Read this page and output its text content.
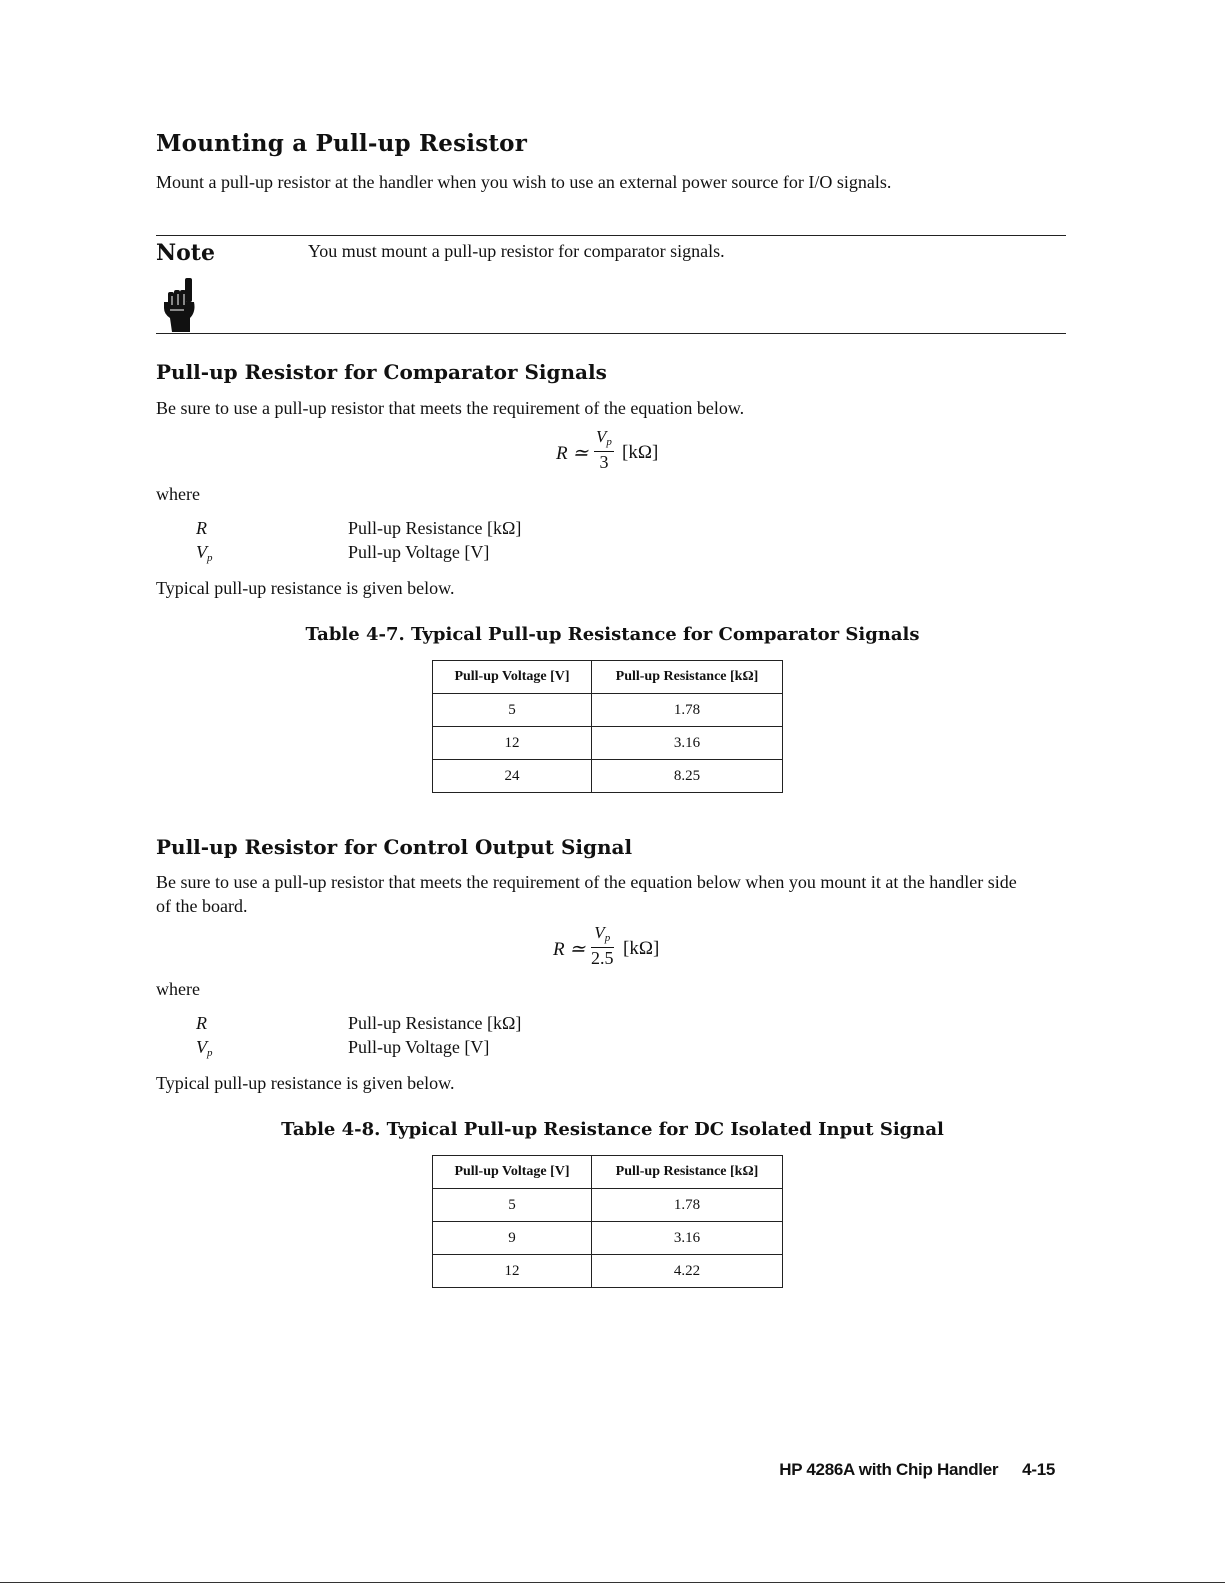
Mounting a Pull-up Resistor
Mount a pull-up resistor at the handler when you wish to use an external power source for I/O signals.
Note	You must mount a pull-up resistor for comparator signals.
Pull-up Resistor for Comparator Signals
Be sure to use a pull-up resistor that meets the requirement of the equation below.
R ≃ $\frac{V_p}{3} [k\Omega]$
where
R	Pull-up Resistance [kΩ]
$V_p$	Pull-up Voltage [V]
Typical pull-up resistance is given below.
Table 4-7. Typical Pull-up Resistance for Comparator Signals
Pull-up Voltage [V]	Pull-up Resistance [kΩ]
5	1.78
12	3.16
24	8.25
Pull-up Resistor for Control Output Signal
Be sure to use a pull-up resistor that meets the requirement of the equation below when you mount it at the handler side of the board.
R ≃ $\frac{V_p}{2.5} [k\Omega]$
where
R	Pull-up Resistance [kΩ]
$V_p$	Pull-up Voltage [V]
Typical pull-up resistance is given below.
Table 4-8. Typical Pull-up Resistance for DC Isolated Input Signal
Pull-up Voltage [V]	Pull-up Resistance [kΩ]
5	1.78
9	3.16
12	4.22
HP 4286A with Chip Handler 4-15
